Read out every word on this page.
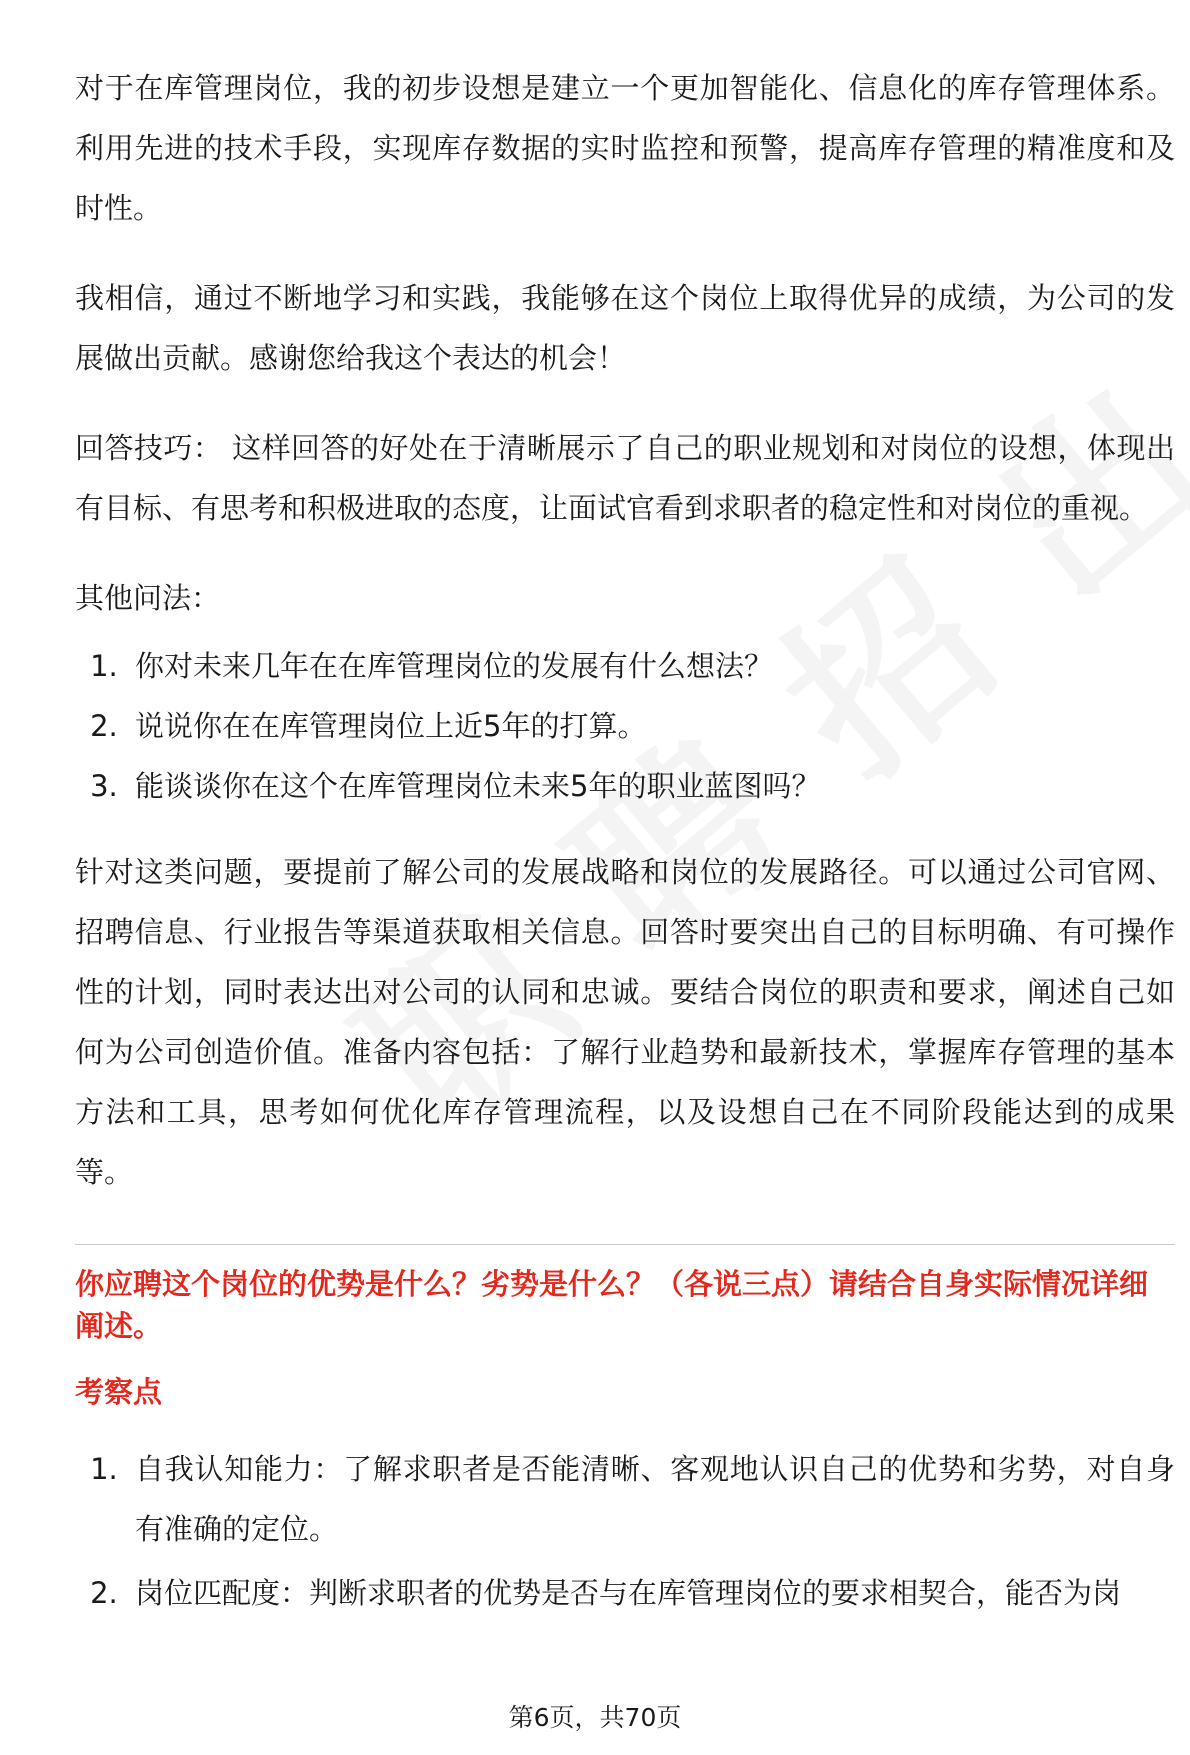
对于在库管理岗位，我的初步设想是建立一个更加智能化、信息化的库存管理体系。利用先进的技术手段，实现库存数据的实时监控和预警，提高库存管理的精准度和及时性。

我相信，通过不断地学习和实践，我能够在这个岗位上取得优异的成绩，为公司的发展做出贡献。感谢您给我这个表达的机会！

回答技巧： 这样回答的好处在于清晰展示了自己的职业规划和对岗位的设想，体现出有目标、有思考和积极进取的态度，让面试官看到求职者的稳定性和对岗位的重视。

其他问法：

1. 你对未来几年在在库管理岗位的发展有什么想法？
2. 说说你在在库管理岗位上近5年的打算。
3. 能谈谈你在这个在库管理岗位未来5年的职业蓝图吗？

针对这类问题，要提前了解公司的发展战略和岗位的发展路径。可以通过公司官网、招聘信息、行业报告等渠道获取相关信息。回答时要突出自己的目标明确、有可操作性的计划，同时表达出对公司的认同和忠诚。要结合岗位的职责和要求，阐述自己如何为公司创造价值。准备内容包括：了解行业趋势和最新技术，掌握库存管理的基本方法和工具，思考如何优化库存管理流程，以及设想自己在不同阶段能达到的成果等。

你应聘这个岗位的优势是什么？劣势是什么？（各说三点）请结合自身实际情况详细阐述。
考察点
1. 自我认知能力：了解求职者是否能清晰、客观地认识自己的优势和劣势，对自身有准确的定位。
2. 岗位匹配度：判断求职者的优势是否与在库管理岗位的要求相契合，能否为岗
第6页，共70页
